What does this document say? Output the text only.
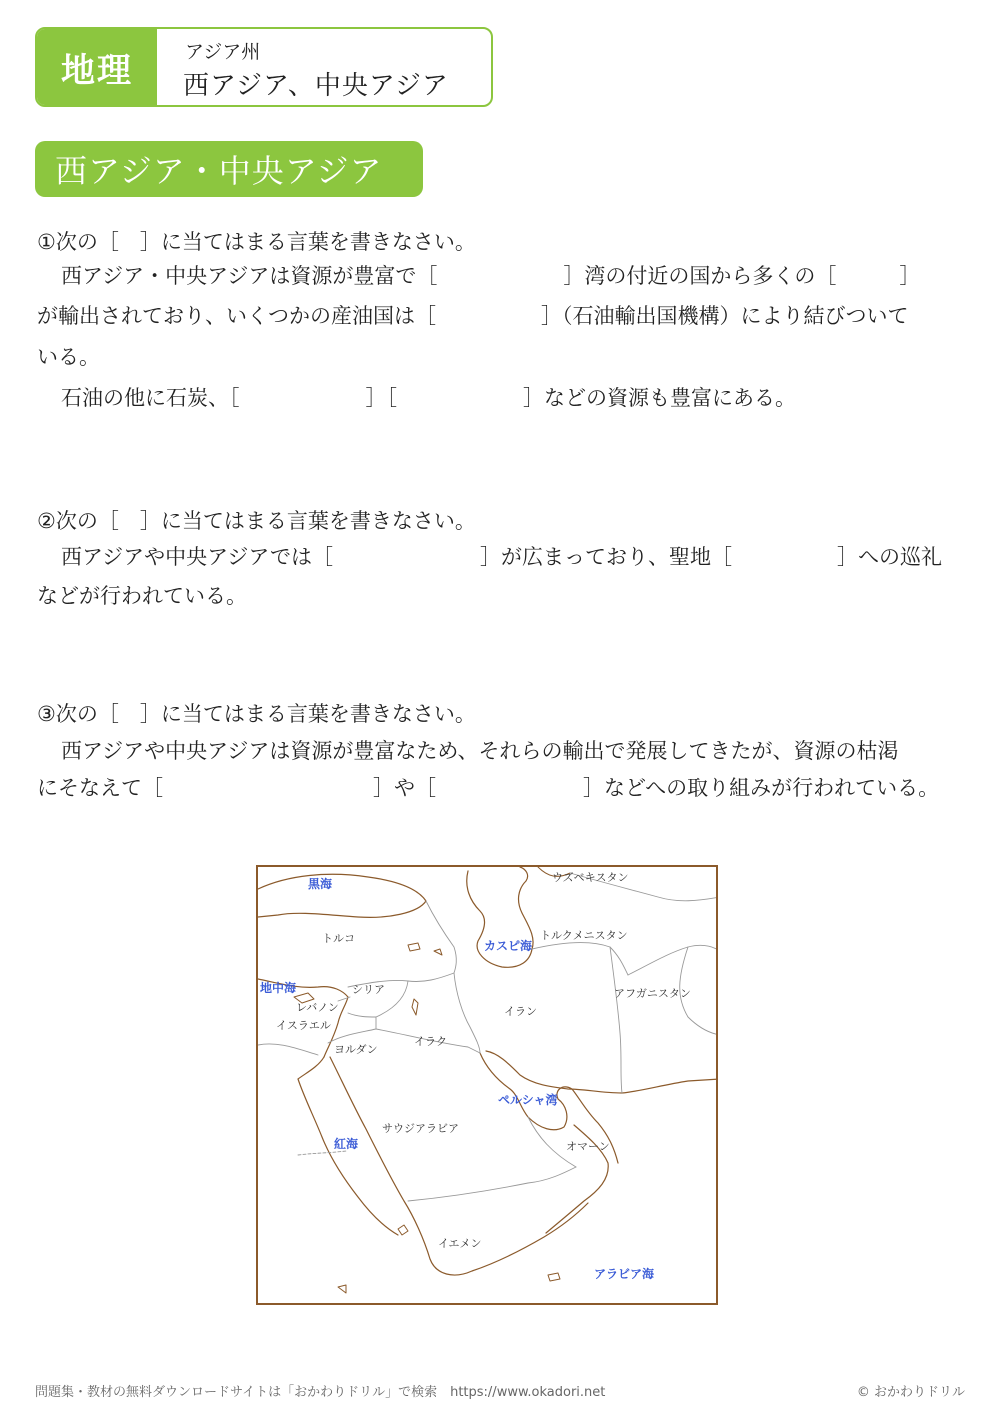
地理	アジア州
西アジア、中央アジア
西アジア・中央アジア
①次の［　］に当てはまる言葉を書きなさい。
西アジア・中央アジアは資源が豊富で［　　　　　　］湾の付近の国から多くの［　　　］
が輸出されており、いくつかの産油国は［　　　　　］（石油輸出国機構）により結びついて
いる。
石油の他に石炭、［　　　　　　］［　　　　　　］などの資源も豊富にある。
②次の［　］に当てはまる言葉を書きなさい。
西アジアや中央アジアでは［　　　　　　　］が広まっており、聖地［　　　　　］への巡礼
などが行われている。
③次の［　］に当てはまる言葉を書きなさい。
西アジアや中央アジアは資源が豊富なため、それらの輸出で発展してきたが、資源の枯渇
にそなえて［　　　　　　　　　　］や［　　　　　　　］などへの取り組みが行われている。
ウズベキスタン
トルコ	トルクメニスタン
シリア
レバノン
イスラエル
ヨルダン
イラク
イラン
アフガニスタン
サウジアラビア
オマーン
イエメン
黒海
カスピ海
地中海
ペルシャ湾
紅海
アラビア海
問題集・教材の無料ダウンロードサイトは「おかわりドリル」で検索　https://www.okadori.net	© おかわりドリル
